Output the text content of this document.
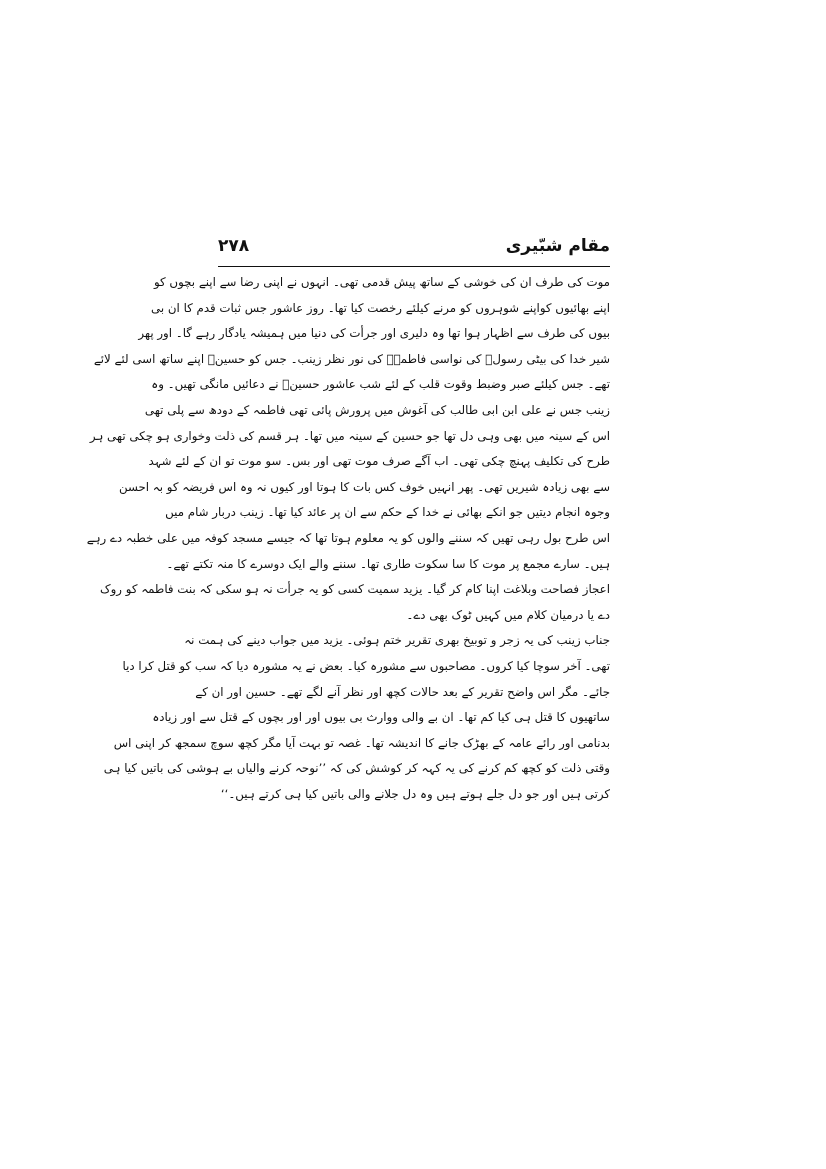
مقام شبّیری
۲۷۸
موت کی طرف ان کی خوشی کے ساتھ پیش قدمی تھی۔ انہوں نے اپنی رضا سے اپنے بچوں کو
اپنے بھائیوں کواپنے شوہروں کو مرنے کیلئے رخصت کیا تھا۔ روز عاشور جس ثبات قدم کا ان بی
بیوں کی طرف سے اظہار ہوا تھا وہ دلیری اور جرأت کی دنیا میں ہمیشہ یادگار رہے گا۔ اور پھر
شیر خدا کی بیٹی رسولؐ کی نواسی فاطمہؑ کی نور نظر زینب۔ جس کو حسینؑ اپنے ساتھ اسی لئے لائے
تھے۔ جس کیلئے صبر وضبط وقوت قلب کے لئے شب عاشور حسینؑ نے دعائیں مانگی تھیں۔ وہ
زینب جس نے علی ابن ابی طالب کی آغوش میں پرورش پائی تھی فاطمہ کے دودھ سے پلی تھی
اس کے سینہ میں بھی وہی دل تھا جو حسین کے سینہ میں تھا۔ ہر قسم کی ذلت وخواری ہو چکی تھی ہر
طرح کی تکلیف پہنچ چکی تھی۔ اب آگے صرف موت تھی اور بس۔ سو موت تو ان کے لئے شہد
سے بھی زیادہ شیریں تھی۔ پھر انہیں خوف کس بات کا ہوتا اور کیوں نہ وہ اس فریضہ کو بہ احسن
وجوہ انجام دیتیں جو انکے بھائی نے خدا کے حکم سے ان پر عائد کیا تھا۔ زینب دربار شام میں
اس طرح بول رہی تھیں کہ سننے والوں کو یہ معلوم ہوتا تھا کہ جیسے مسجد کوفہ میں علی خطبہ دے رہے
ہیں۔ سارے مجمع پر موت کا سا سکوت طاری تھا۔ سننے والے ایک دوسرے کا منہ تکتے تھے۔
اعجاز فصاحت وبلاغت اپنا کام کر گیا۔ یزید سمیت کسی کو یہ جرأت نہ ہو سکی کہ بنت فاطمہ کو روک
دے یا درمیان کلام میں کہیں ٹوک بھی دے۔
جناب زینب کی یہ زجر و توبیخ بھری تقریر ختم ہوئی۔ یزید میں جواب دینے کی ہمت نہ
تھی۔ آخر سوچا کیا کروں۔ مصاحبوں سے مشورہ کیا۔ بعض نے یہ مشورہ دیا کہ سب کو قتل کرا دیا
جائے۔ مگر اس واضح تقریر کے بعد حالات کچھ اور نظر آنے لگے تھے۔ حسین اور ان کے
ساتھیوں کا قتل ہی کیا کم تھا۔ ان بے والی ووارث بی بیوں اور اور بچوں کے قتل سے اور زیادہ
بدنامی اور رائے عامہ کے بھڑک جانے کا اندیشہ تھا۔ غصہ تو بہت آیا مگر کچھ سوچ سمجھ کر اپنی اس
وقتی ذلت کو کچھ کم کرنے کی یہ کہہ کر کوشش کی کہ ’’نوحہ کرنے والیاں بے ہوشی کی باتیں کیا ہی
کرتی ہیں اور جو دل جلے ہوتے ہیں وہ دل جلانے والی باتیں کیا ہی کرتے ہیں۔‘‘
